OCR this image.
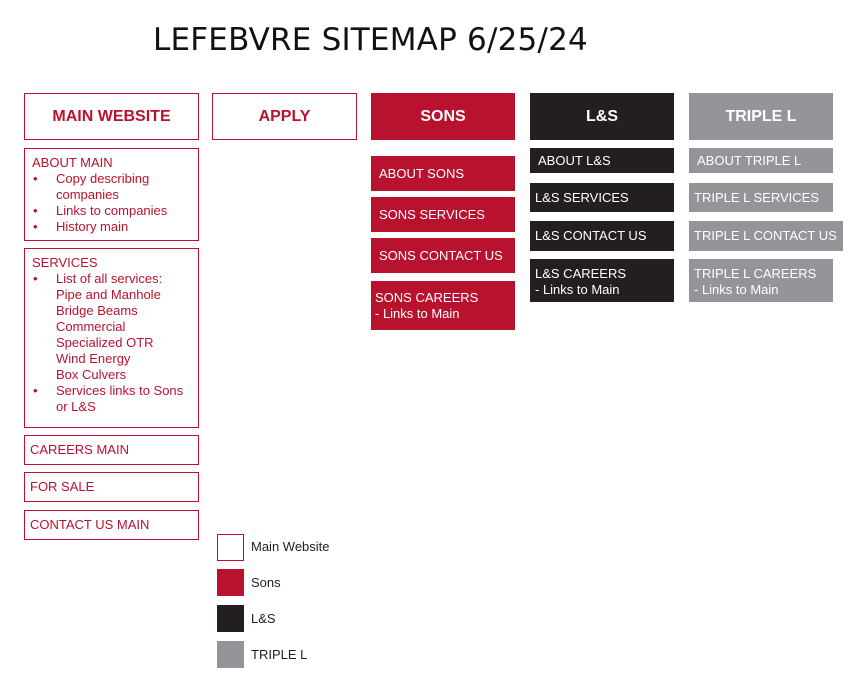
LEFEBVRE SITEMAP 6/25/24
MAIN WEBSITE	APPLY	SONS	L&S	TRIPLE L
ABOUT MAIN
• Copy describing companies
• Links to companies
• History main
SERVICES
• List of all services:
Pipe and Manhole
Bridge Beams
Commercial
Specialized OTR
Wind Energy
Box Culvers
• Services links to Sons or L&S
CAREERS MAIN
FOR SALE
CONTACT US MAIN
ABOUT SONS
SONS SERVICES
SONS CONTACT US
SONS CAREERS
- Links to Main
ABOUT L&S
L&S SERVICES
L&S CONTACT US
L&S CAREERS
- Links to Main
ABOUT TRIPLE L
TRIPLE L SERVICES
TRIPLE L CONTACT US
TRIPLE L CAREERS
- Links to Main
Main Website
Sons
L&S
TRIPLE L
